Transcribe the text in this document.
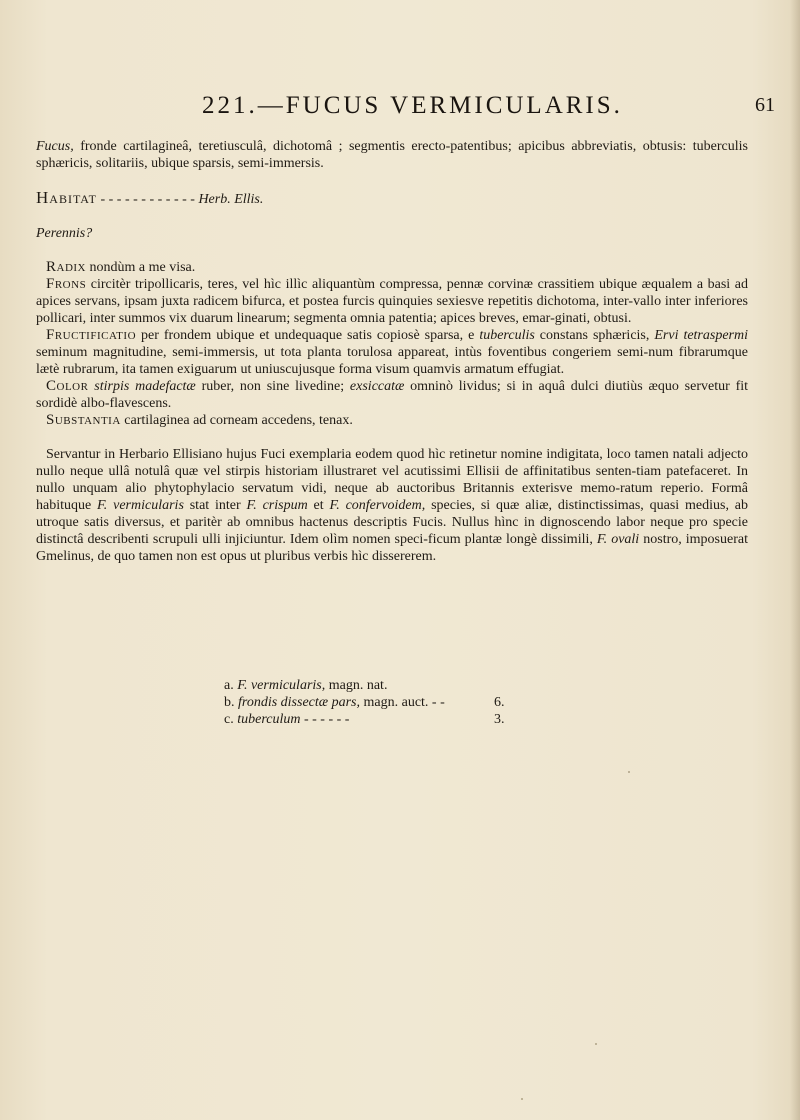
221.—FUCUS VERMICULARIS.	61

Fucus, fronde cartilagineâ, teretiusculâ, dichotomâ ; segmentis erecto-patentibus; apicibus abbreviatis, obtusis: tuberculis sphæricis, solitariis, ubique sparsis, semi-immersis.

Habitat - - - - - - - - - - - - Herb. Ellis.

Perennis?

Radix nondùm a me visa.

Frons circitèr tripollicaris, teres, vel hìc illìc aliquantùm compressa, pennæ corvinæ crassitiem ubique æqualem a basi ad apices servans, ipsam juxta radicem bifurca, et postea furcis quinquies sexiesve repetitis dichotoma, inter-vallo inter inferiores pollicari, inter summos vix duarum linearum; segmenta omnia patentia; apices breves, emar-ginati, obtusi.

Fructificatio per frondem ubique et undequaque satis copiosè sparsa, e tuberculis constans sphæricis, Ervi tetraspermi seminum magnitudine, semi-immersis, ut tota planta torulosa appareat, intùs foventibus congeriem semi-num fibrarumque lætè rubrarum, ita tamen exiguarum ut uniuscujusque forma visum quamvis armatum effugiat.

Color stirpis madefactæ ruber, non sine livedine; exsiccatæ omninò lividus; si in aquâ dulci diutiùs æquo servetur fit sordidè albo-flavescens.

Substantia cartilaginea ad corneam accedens, tenax.

Servantur in Herbario Ellisiano hujus Fuci exemplaria eodem quod hìc retinetur nomine indigitata, loco tamen natali adjecto nullo neque ullâ notulâ quæ vel stirpis historiam illustraret vel acutissimi Ellisii de affinitatibus senten-tiam patefaceret. In nullo unquam alio phytophylacio servatum vidi, neque ab auctoribus Britannis exterisve memo-ratum reperio. Formâ habituque F. vermicularis stat inter F. crispum et F. confervoidem, species, si quæ aliæ, distinctissimas, quasi medius, ab utroque satis diversus, et paritèr ab omnibus hactenus descriptis Fucis. Nullus hìnc in dignoscendo labor neque pro specie distinctâ describenti scrupuli ulli injiciuntur. Idem olìm nomen speci-ficum plantæ longè dissimili, F. ovali nostro, imposuerat Gmelinus, de quo tamen non est opus ut pluribus verbis hìc dissererem.

a. F. vermicularis, magn. nat.
b. frondis dissectæ pars, magn. auct. - -	6.
c. tuberculum - - - - - -	3.
